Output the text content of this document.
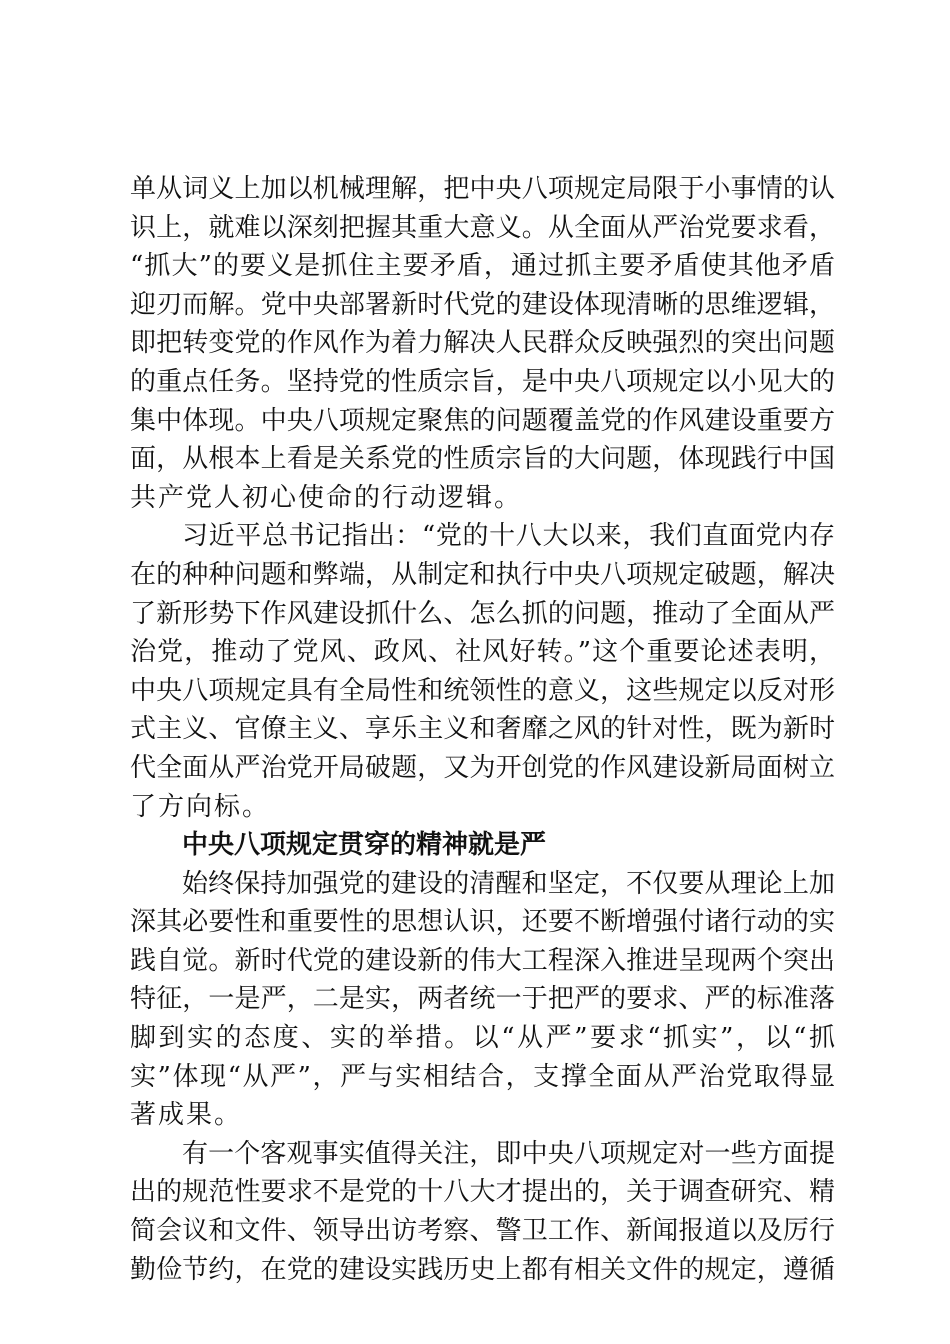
单从词义上加以机械理解，把中央八项规定局限于小事情的认
识上，就难以深刻把握其重大意义。从全面从严治党要求看，
“抓大”的要义是抓住主要矛盾，通过抓主要矛盾使其他矛盾
迎刃而解。党中央部署新时代党的建设体现清晰的思维逻辑，
即把转变党的作风作为着力解决人民群众反映强烈的突出问题
的重点任务。坚持党的性质宗旨，是中央八项规定以小见大的
集中体现。中央八项规定聚焦的问题覆盖党的作风建设重要方
面，从根本上看是关系党的性质宗旨的大问题，体现践行中国
共产党人初心使命的行动逻辑。
习近平总书记指出：“党的十八大以来，我们直面党内存
在的种种问题和弊端，从制定和执行中央八项规定破题，解决
了新形势下作风建设抓什么、怎么抓的问题，推动了全面从严
治党，推动了党风、政风、社风好转。”这个重要论述表明，
中央八项规定具有全局性和统领性的意义，这些规定以反对形
式主义、官僚主义、享乐主义和奢靡之风的针对性，既为新时
代全面从严治党开局破题，又为开创党的作风建设新局面树立
了方向标。
中央八项规定贯穿的精神就是严
始终保持加强党的建设的清醒和坚定，不仅要从理论上加
深其必要性和重要性的思想认识，还要不断增强付诸行动的实
践自觉。新时代党的建设新的伟大工程深入推进呈现两个突出
特征，一是严，二是实，两者统一于把严的要求、严的标准落
脚到实的态度、实的举措。以“从严”要求“抓实”，以“抓
实”体现“从严”，严与实相结合，支撑全面从严治党取得显
著成果。
有一个客观事实值得关注，即中央八项规定对一些方面提
出的规范性要求不是党的十八大才提出的，关于调查研究、精
简会议和文件、领导出访考察、警卫工作、新闻报道以及厉行
勤俭节约，在党的建设实践历史上都有相关文件的规定，遵循
